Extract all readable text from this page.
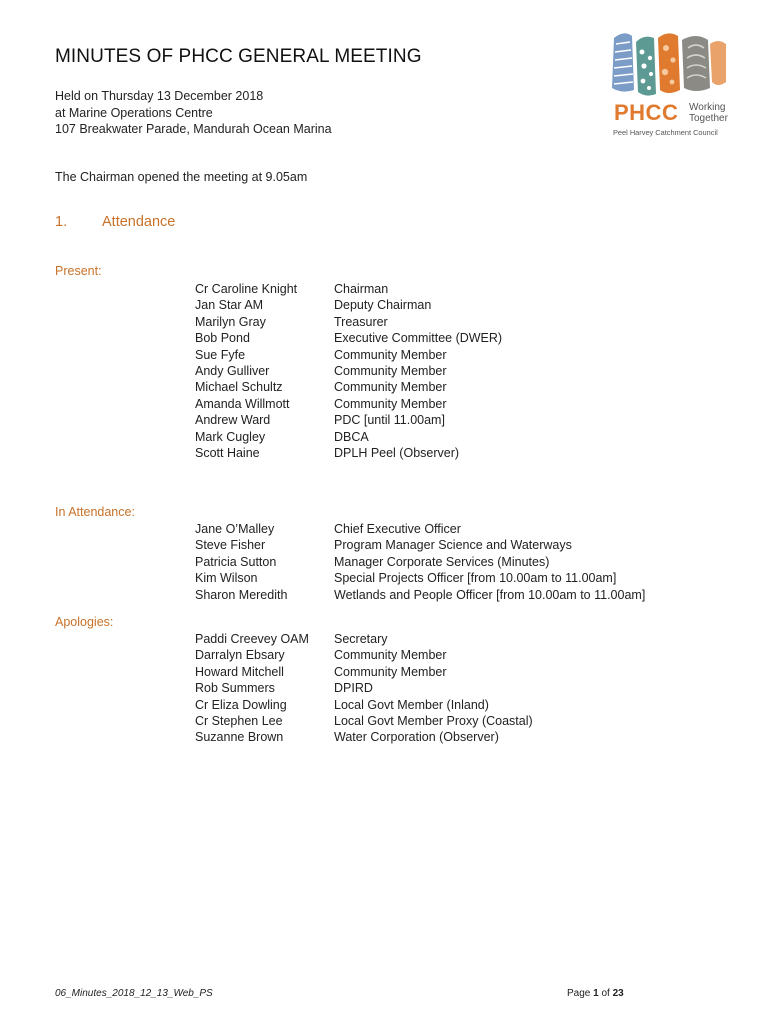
MINUTES OF PHCC GENERAL MEETING
Held on Thursday 13 December 2018
at Marine Operations Centre
107 Breakwater Parade, Mandurah Ocean Marina
The Chairman opened the meeting at 9.05am
1. Attendance
Present:
Cr Caroline Knight	Chairman
Jan Star AM	Deputy Chairman
Marilyn Gray	Treasurer
Bob Pond	Executive Committee (DWER)
Sue Fyfe	Community Member
Andy Gulliver	Community Member
Michael Schultz	Community Member
Amanda Willmott	Community Member
Andrew Ward	PDC [until 11.00am]
Mark Cugley	DBCA
Scott Haine	DPLH Peel (Observer)
In Attendance:
Jane O’Malley	Chief Executive Officer
Steve Fisher	Program Manager Science and Waterways
Patricia Sutton	Manager Corporate Services (Minutes)
Kim Wilson	Special Projects Officer [from 10.00am to 11.00am]
Sharon Meredith	Wetlands and People Officer [from 10.00am to 11.00am]
Apologies:
Paddi Creevey OAM Secretary
Darralyn Ebsary	Community Member
Howard Mitchell	Community Member
Rob Summers	DPIRD
Cr Eliza Dowling	Local Govt Member (Inland)
Cr Stephen Lee	Local Govt Member Proxy (Coastal)
Suzanne Brown	Water Corporation (Observer)
PHCC Working
Together
Peel Harvey Catchment Council
06_Minutes_2018_12_13_Web_PS	Page 1 of 23
